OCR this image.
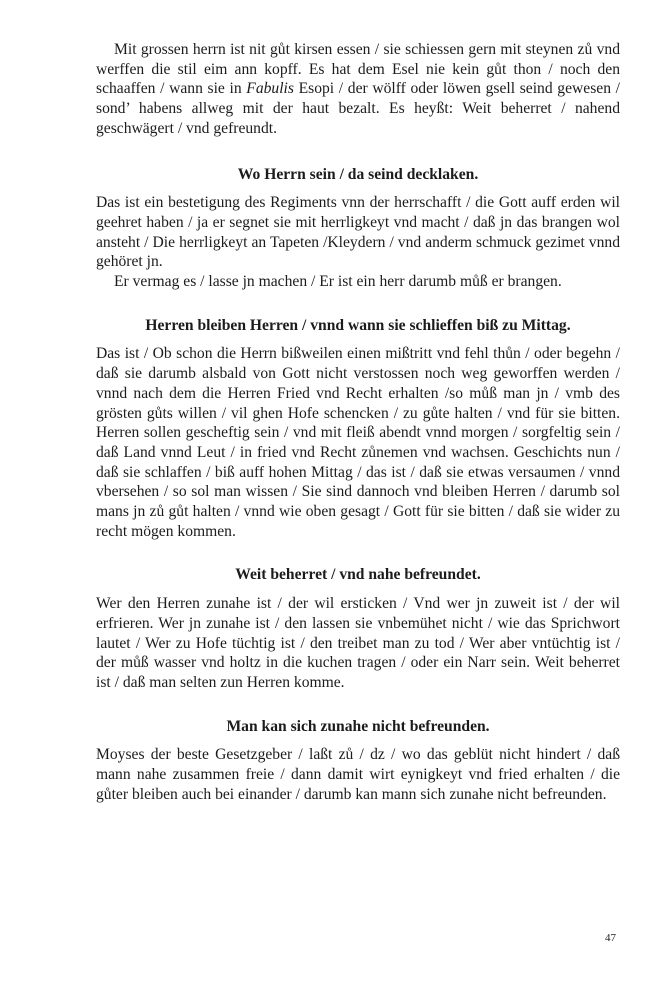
Mit grossen herrn ist nit gůt kirsen essen / sie schiessen gern mit steynen zů vnd werffen die stil eim ann kopff. Es hat dem Esel nie kein gůt thon / noch den schaaffen / wann sie in Fabulis Esopi / der wölff oder löwen gsell seind gewesen / sond’ habens allweg mit der haut bezalt. Es heyßt: Weit beherret / nahend geschwägert / vnd gefreundt.

Wo Herrn sein / da seind decklaken.

Das ist ein bestetigung des Regiments vnn der herrschafft / die Gott auff erden wil geehret haben / ja er segnet sie mit herrligkeyt vnd macht / daß jn das brangen wol ansteht / Die herrligkeyt an Tapeten /Kleydern / vnd anderm schmuck gezimet vnnd gehöret jn.

Er vermag es / lasse jn machen / Er ist ein herr darumb můß er brangen.

Herren bleiben Herren / vnnd wann sie schlieffen biß zu Mittag.

Das ist / Ob schon die Herrn bißweilen einen mißtritt vnd fehl thůn / oder begehn / daß sie darumb alsbald von Gott nicht verstossen noch weg geworffen werden / vnnd nach dem die Herren Fried vnd Recht erhalten /so můß man jn / vmb des grösten gůts willen / vil ghen Hofe schencken / zu gůte halten / vnd für sie bitten. Herren sollen gescheftig sein / vnd mit fleiß abendt vnnd morgen / sorgfeltig sein / daß Land vnnd Leut / in fried vnd Recht zůnemen vnd wachsen. Geschichts nun / daß sie schlaffen / biß auff hohen Mittag / das ist / daß sie etwas versaumen / vnnd vbersehen / so sol man wissen / Sie sind dannoch vnd bleiben Herren / darumb sol mans jn zů gůt halten / vnnd wie oben gesagt / Gott für sie bitten / daß sie wider zu recht mögen kommen.

Weit beherret / vnd nahe befreundet.

Wer den Herren zunahe ist / der wil ersticken / Vnd wer jn zuweit ist / der wil erfrieren. Wer jn zunahe ist / den lassen sie vnbemühet nicht / wie das Sprichwort lautet / Wer zu Hofe tüchtig ist / den treibet man zu tod / Wer aber vntüchtig ist / der můß wasser vnd holtz in die kuchen tragen / oder ein Narr sein. Weit beherret ist / daß man selten zun Herren komme.

Man kan sich zunahe nicht befreunden.

Moyses der beste Gesetzgeber / laßt zů / dz / wo das geblüt nicht hindert / daß mann nahe zusammen freie / dann damit wirt eynigkeyt vnd fried erhalten / die gůter bleiben auch bei einander / darumb kan mann sich zunahe nicht befreunden.

47
